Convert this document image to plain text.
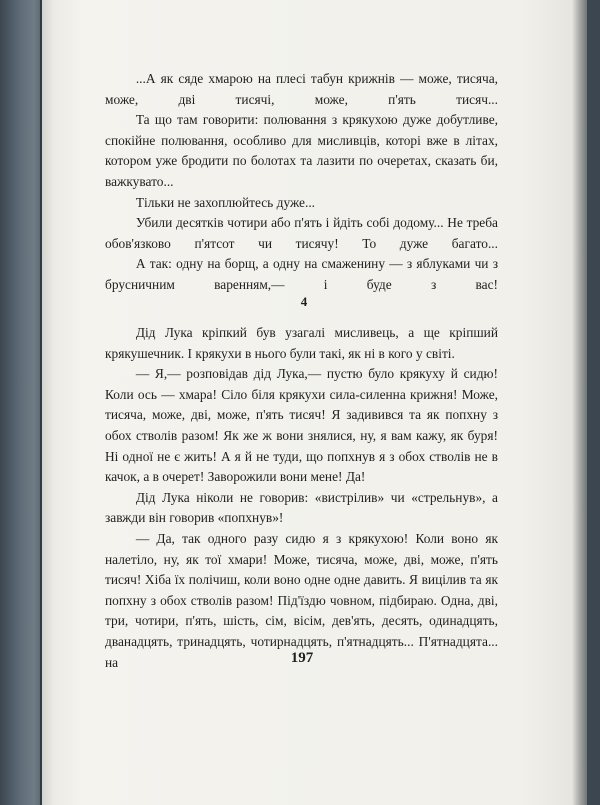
...А як сяде хмарою на плесі табун крижнів — може, тисяча, може, дві тисячі, може, п'ять тисяч...

Та що там говорити: полювання з крякухою дуже добутливе, спокійне полювання, особливо для мисливців, которі вже в літах, котором уже бродити по болотах та лазити по очеретах, сказать би, важкувато...

Тільки не захоплюйтесь дуже...

Убили десятків чотири або п'ять і йдіть собі додому... Не треба обов'язково п'ятсот чи тисячу! То дуже багато...

А так: одну на борщ, а одну на смаженину — з яблуками чи з брусничним варенням,— і буде з вас!

4

Дід Лука кріпкий був узагалі мисливець, а ще кріпший крякушечник. І крякухи в нього були такі, як ні в кого у світі.

— Я,— розповідав дід Лука,— пустю було крякуху й сидю! Коли ось — хмара! Сіло біля крякухи сила-силенна крижня! Може, тисяча, може, дві, може, п'ять тисяч! Я задивився та як попхну з обох стволів разом! Як же ж вони знялися, ну, я вам кажу, як буря! Ні одної не є жить! А я й не туди, що попхнув я з обох стволів не в качок, а в очерет! Заворожили вони мене! Да!

Дід Лука ніколи не говорив: «вистрілив» чи «стрельнув», а завжди він говорив «попхнув»!

— Да, так одного разу сидю я з крякухою! Коли воно як налетіло, ну, як тої хмари! Може, тисяча, може, дві, може, п'ять тисяч! Хіба їх полічиш, коли воно одне одне давить. Я вицілив та як попхну з обох стволів разом! Під'їздю човном, підбираю. Одна, дві, три, чотири, п'ять, шість, сім, вісім, дев'ять, десять, одинадцять, дванадцять, тринадцять, чотирнадцять, п'ятнадцять... П'ятнадцята... на	197
